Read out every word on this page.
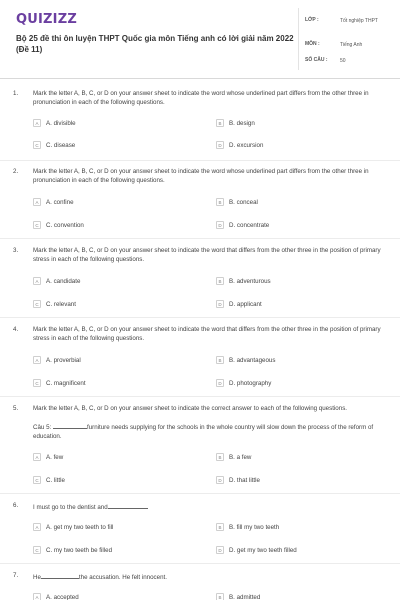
QUIZIZZ
Bộ 25 đề thi ôn luyện THPT Quốc gia môn Tiếng anh có lời giải năm 2022 (Đề 11)
LỚP :	Tốt nghiệp THPT
MÔN :	Tiếng Anh
SỐ CÂU :	50
1. Mark the letter A, B, C, or D on your answer sheet to indicate the word whose underlined part differs from the other three in pronunciation in each of the following questions.
A	A. divisible	B	B. design
C	C. disease	D	D. excursion
2. Mark the letter A, B, C, or D on your answer sheet to indicate the word whose underlined part differs from the other three in pronunciation in each of the following questions.
A	A. confine	B	B. conceal
C	C. convention	D	D. concentrate
3. Mark the letter A, B, C, or D on your answer sheet to indicate the word that differs from the other three in the position of primary stress in each of the following questions.
A	A. candidate	B	B. adventurous
C	C. relevant	D	D. applicant
4. Mark the letter A, B, C, or D on your answer sheet to indicate the word that differs from the other three in the position of primary stress in each of the following questions.
A	A. proverbial	B	B. advantageous
C	C. magnificent	D	D. photography
5. Mark the letter A, B, C, or D on your answer sheet to indicate the correct answer to each of the following questions.
Câu 5:	furniture needs supplying for the schools in the whole country will slow down the process of the reform of education.
A	A. few	B	B. a few
C	C. little	D	D. that little
6. I must go to the dentist and
A	A. get my two teeth to fill	B	B. fill my two teeth
C	C. my two teeth be filled	D	D. get my two teeth filled
7. He	the accusation. He felt innocent.
A	A. accepted	B	B. admitted
